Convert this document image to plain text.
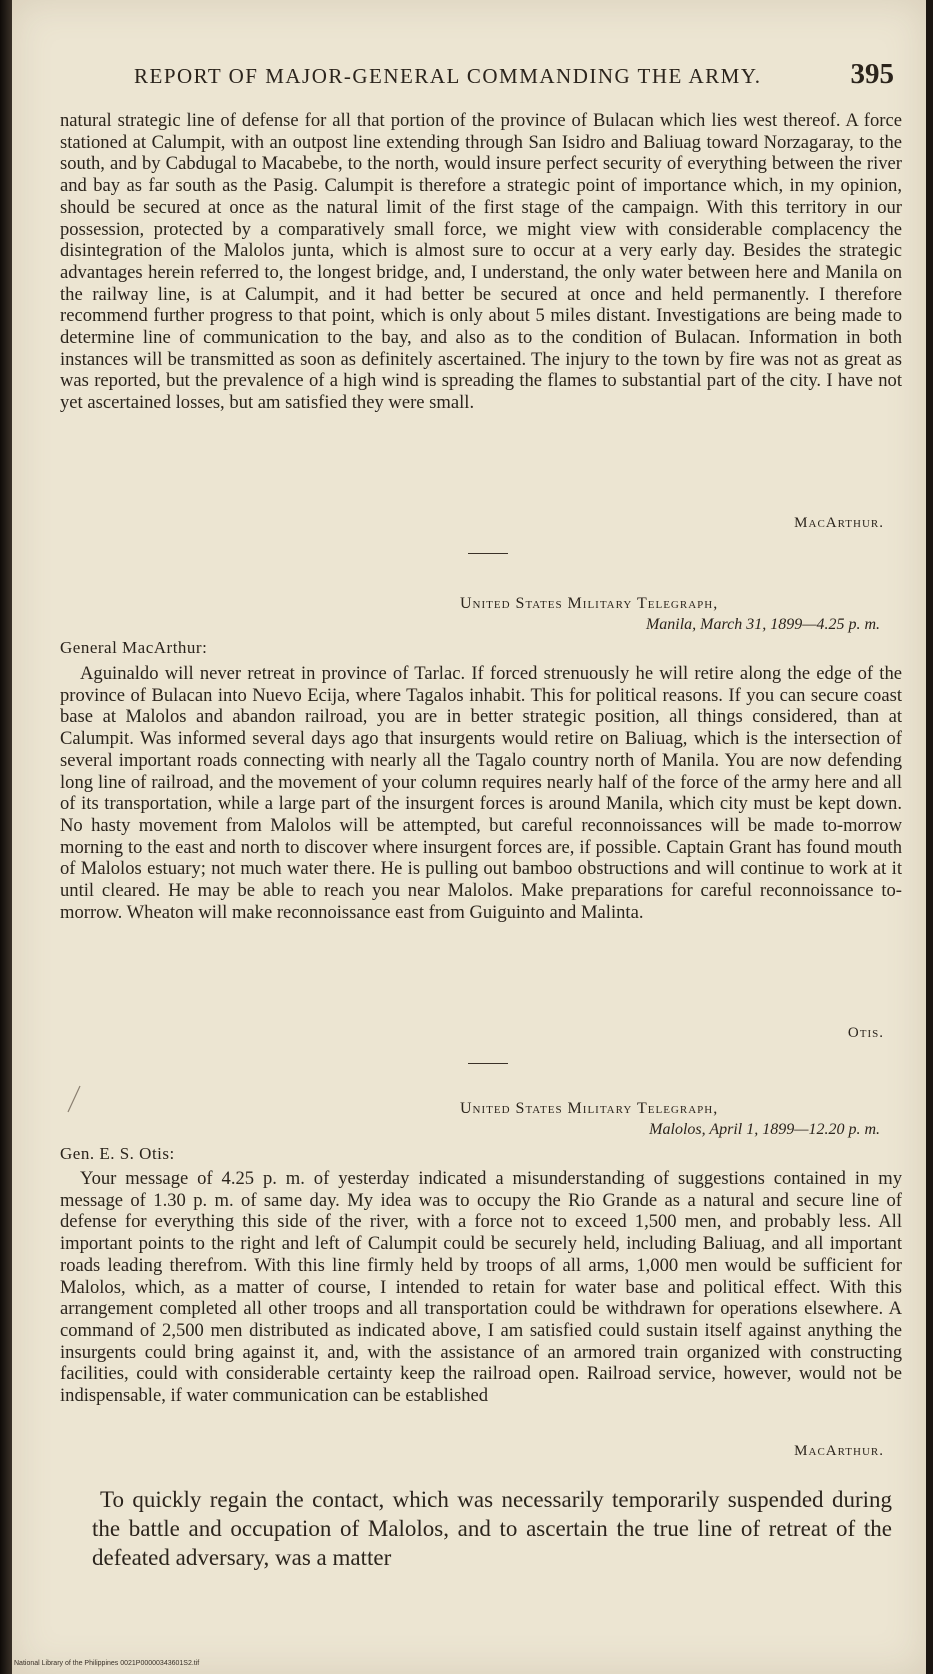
REPORT OF MAJOR-GENERAL COMMANDING THE ARMY.	395

natural strategic line of defense for all that portion of the province of Bulacan which lies west thereof. A force stationed at Calumpit, with an outpost line extending through San Isidro and Baliuag toward Norzagaray, to the south, and by Cabdugal to Macabebe, to the north, would insure perfect security of everything between the river and bay as far south as the Pasig. Calumpit is therefore a strategic point of importance which, in my opinion, should be secured at once as the natural limit of the first stage of the campaign. With this territory in our possession, protected by a comparatively small force, we might view with considerable complacency the disintegration of the Malolos junta, which is almost sure to occur at a very early day. Besides the strategic advantages herein referred to, the longest bridge, and, I understand, the only water between here and Manila on the railway line, is at Calumpit, and it had better be secured at once and held permanently. I therefore recommend further progress to that point, which is only about 5 miles distant. Investigations are being made to determine line of communication to the bay, and also as to the condition of Bulacan. Information in both instances will be transmitted as soon as definitely ascertained. The injury to the town by fire was not as great as was reported, but the prevalence of a high wind is spreading the flames to substantial part of the city. I have not yet ascertained losses, but am satisfied they were small.

MacArthur.
United States Military Telegraph,
Manila, March 31, 1899—4.25 p. m.
General MacArthur:

Aguinaldo will never retreat in province of Tarlac. If forced strenuously he will retire along the edge of the province of Bulacan into Nuevo Ecija, where Tagalos inhabit. This for political reasons. If you can secure coast base at Malolos and abandon railroad, you are in better strategic position, all things considered, than at Calumpit. Was informed several days ago that insurgents would retire on Baliuag, which is the intersection of several important roads connecting with nearly all the Tagalo country north of Manila. You are now defending long line of railroad, and the movement of your column requires nearly half of the force of the army here and all of its transportation, while a large part of the insurgent forces is around Manila, which city must be kept down. No hasty movement from Malolos will be attempted, but careful reconnoissances will be made to-morrow morning to the east and north to discover where insurgent forces are, if possible. Captain Grant has found mouth of Malolos estuary; not much water there. He is pulling out bamboo obstructions and will continue to work at it until cleared. He may be able to reach you near Malolos. Make preparations for careful reconnoissance to-morrow. Wheaton will make reconnoissance east from Guiguinto and Malinta.

Otis.
United States Military Telegraph,
Malolos, April 1, 1899—12.20 p. m.
Gen. E. S. Otis:

Your message of 4.25 p. m. of yesterday indicated a misunderstanding of suggestions contained in my message of 1.30 p. m. of same day. My idea was to occupy the Rio Grande as a natural and secure line of defense for everything this side of the river, with a force not to exceed 1,500 men, and probably less. All important points to the right and left of Calumpit could be securely held, including Baliuag, and all important roads leading therefrom. With this line firmly held by troops of all arms, 1,000 men would be sufficient for Malolos, which, as a matter of course, I intended to retain for water base and political effect. With this arrangement completed all other troops and all transportation could be withdrawn for operations elsewhere. A command of 2,500 men distributed as indicated above, I am satisfied could sustain itself against anything the insurgents could bring against it, and, with the assistance of an armored train organized with constructing facilities, could with considerable certainty keep the railroad open. Railroad service, however, would not be indispensable, if water communication can be established

MacArthur.

To quickly regain the contact, which was necessarily temporarily suspended during the battle and occupation of Malolos, and to ascertain the true line of retreat of the defeated adversary, was a matter

National Library of the Philippines 0021P00000343601S2.tif
